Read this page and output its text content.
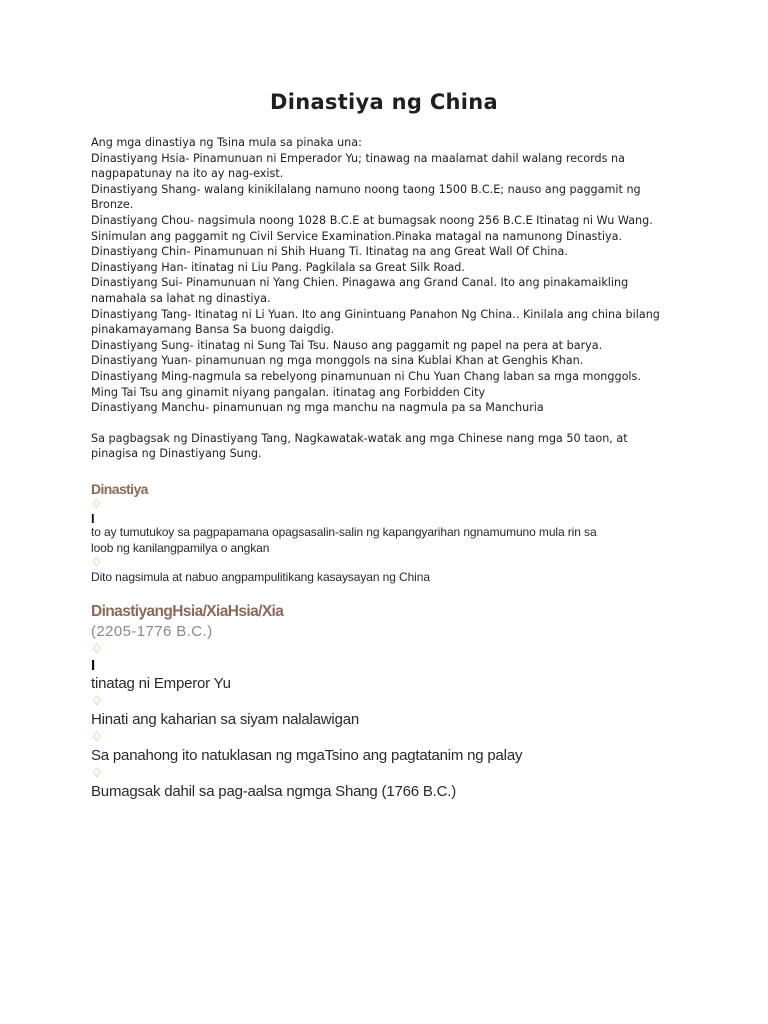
Dinastiya ng China

Ang mga dinastiya ng Tsina mula sa pinaka una:

Dinastiyang Hsia- Pinamunuan ni Emperador Yu; tinawag na maalamat dahil walang records na

nagpapatunay na ito ay nag-exist.

Dinastiyang Shang- walang kinikilalang namuno noong taong 1500 B.C.E; nauso ang paggamit ng

Bronze.

Dinastiyang Chou- nagsimula noong 1028 B.C.E at bumagsak noong 256 B.C.E Itinatag ni Wu Wang.

Sinimulan ang paggamit ng Civil Service Examination.Pinaka matagal na namunong Dinastiya.

Dinastiyang Chin- Pinamunuan ni Shih Huang Ti. Itinatag na ang Great Wall Of China.

Dinastiyang Han- itinatag ni Liu Pang. Pagkilala sa Great Silk Road.

Dinastiyang Sui- Pinamunuan ni Yang Chien. Pinagawa ang Grand Canal. Ito ang pinakamaikling

namahala sa lahat ng dinastiya.

Dinastiyang Tang- Itinatag ni Li Yuan. Ito ang Ginintuang Panahon Ng China.. Kinilala ang china bilang

pinakamayamang Bansa Sa buong daigdig.

Dinastiyang Sung- itinatag ni Sung Tai Tsu. Nauso ang paggamit ng papel na pera at barya.

Dinastiyang Yuan- pinamunuan ng mga monggols na sina Kublai Khan at Genghis Khan.

Dinastiyang Ming-nagmula sa rebelyong pinamunuan ni Chu Yuan Chang laban sa mga monggols.

Ming Tai Tsu ang ginamit niyang pangalan. itinatag ang Forbidden City

Dinastiyang Manchu- pinamunuan ng mga manchu na nagmula pa sa Manchuria

Sa pagbagsak ng Dinastiyang Tang, Nagkawatak-watak ang mga Chinese nang mga 50 taon, at

pinagisa ng Dinastiyang Sung.

Dinastiya
♢
I
to ay tumutukoy sa pagpapamana opagsasalin-salin ng kapangyarihan ngnamumuno mula rin sa
loob ng kanilangpamilya o angkan
♢
Dito nagsimula at nabuo angpampulitikang kasaysayan ng China
DinastiyangHsia/XiaHsia/Xia
(2205-1776 B.C.)
♢
I
tinatag ni Emperor Yu
♢
Hinati ang kaharian sa siyam nalalawigan
♢
Sa panahong ito natuklasan ng mgaTsino ang pagtatanim ng palay
♢
Bumagsak dahil sa pag-aalsa ngmga Shang (1766 B.C.)
